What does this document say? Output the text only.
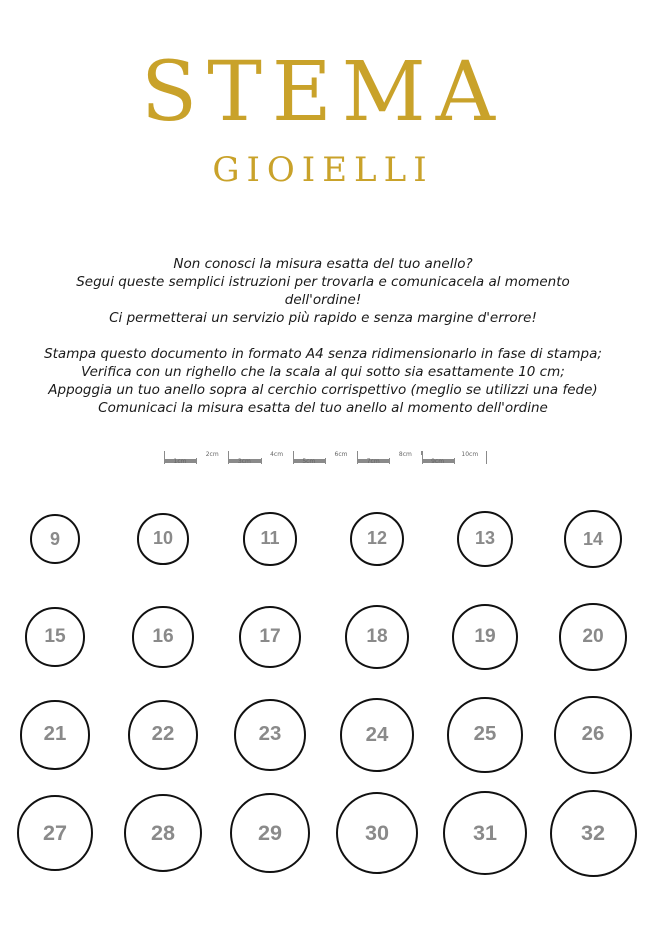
STEMA
GIOIELLI
Non conosci la misura esatta del tuo anello?
Segui queste semplici istruzioni per trovarla e comunicacela al momento
dell'ordine!
Ci permetterai un servizio più rapido e senza margine d'errore!
Stampa questo documento in formato A4 senza ridimensionarlo in fase di stampa;
Verifica con un righello che la scala al qui sotto sia esattamente 10 cm;
Appoggia un tuo anello sopra al cerchio corrispettivo (meglio se utilizzi una fede)
Comunicaci la misura esatta del tuo anello al momento dell'ordine
1cm
2cm
3cm
4cm
5cm
6cm
7cm
8cm
9cm
10cm
9	10	11	12	13	14
15	16	17	18	19	20
21	22	23	24	25	26
27	28	29	30	31	32
